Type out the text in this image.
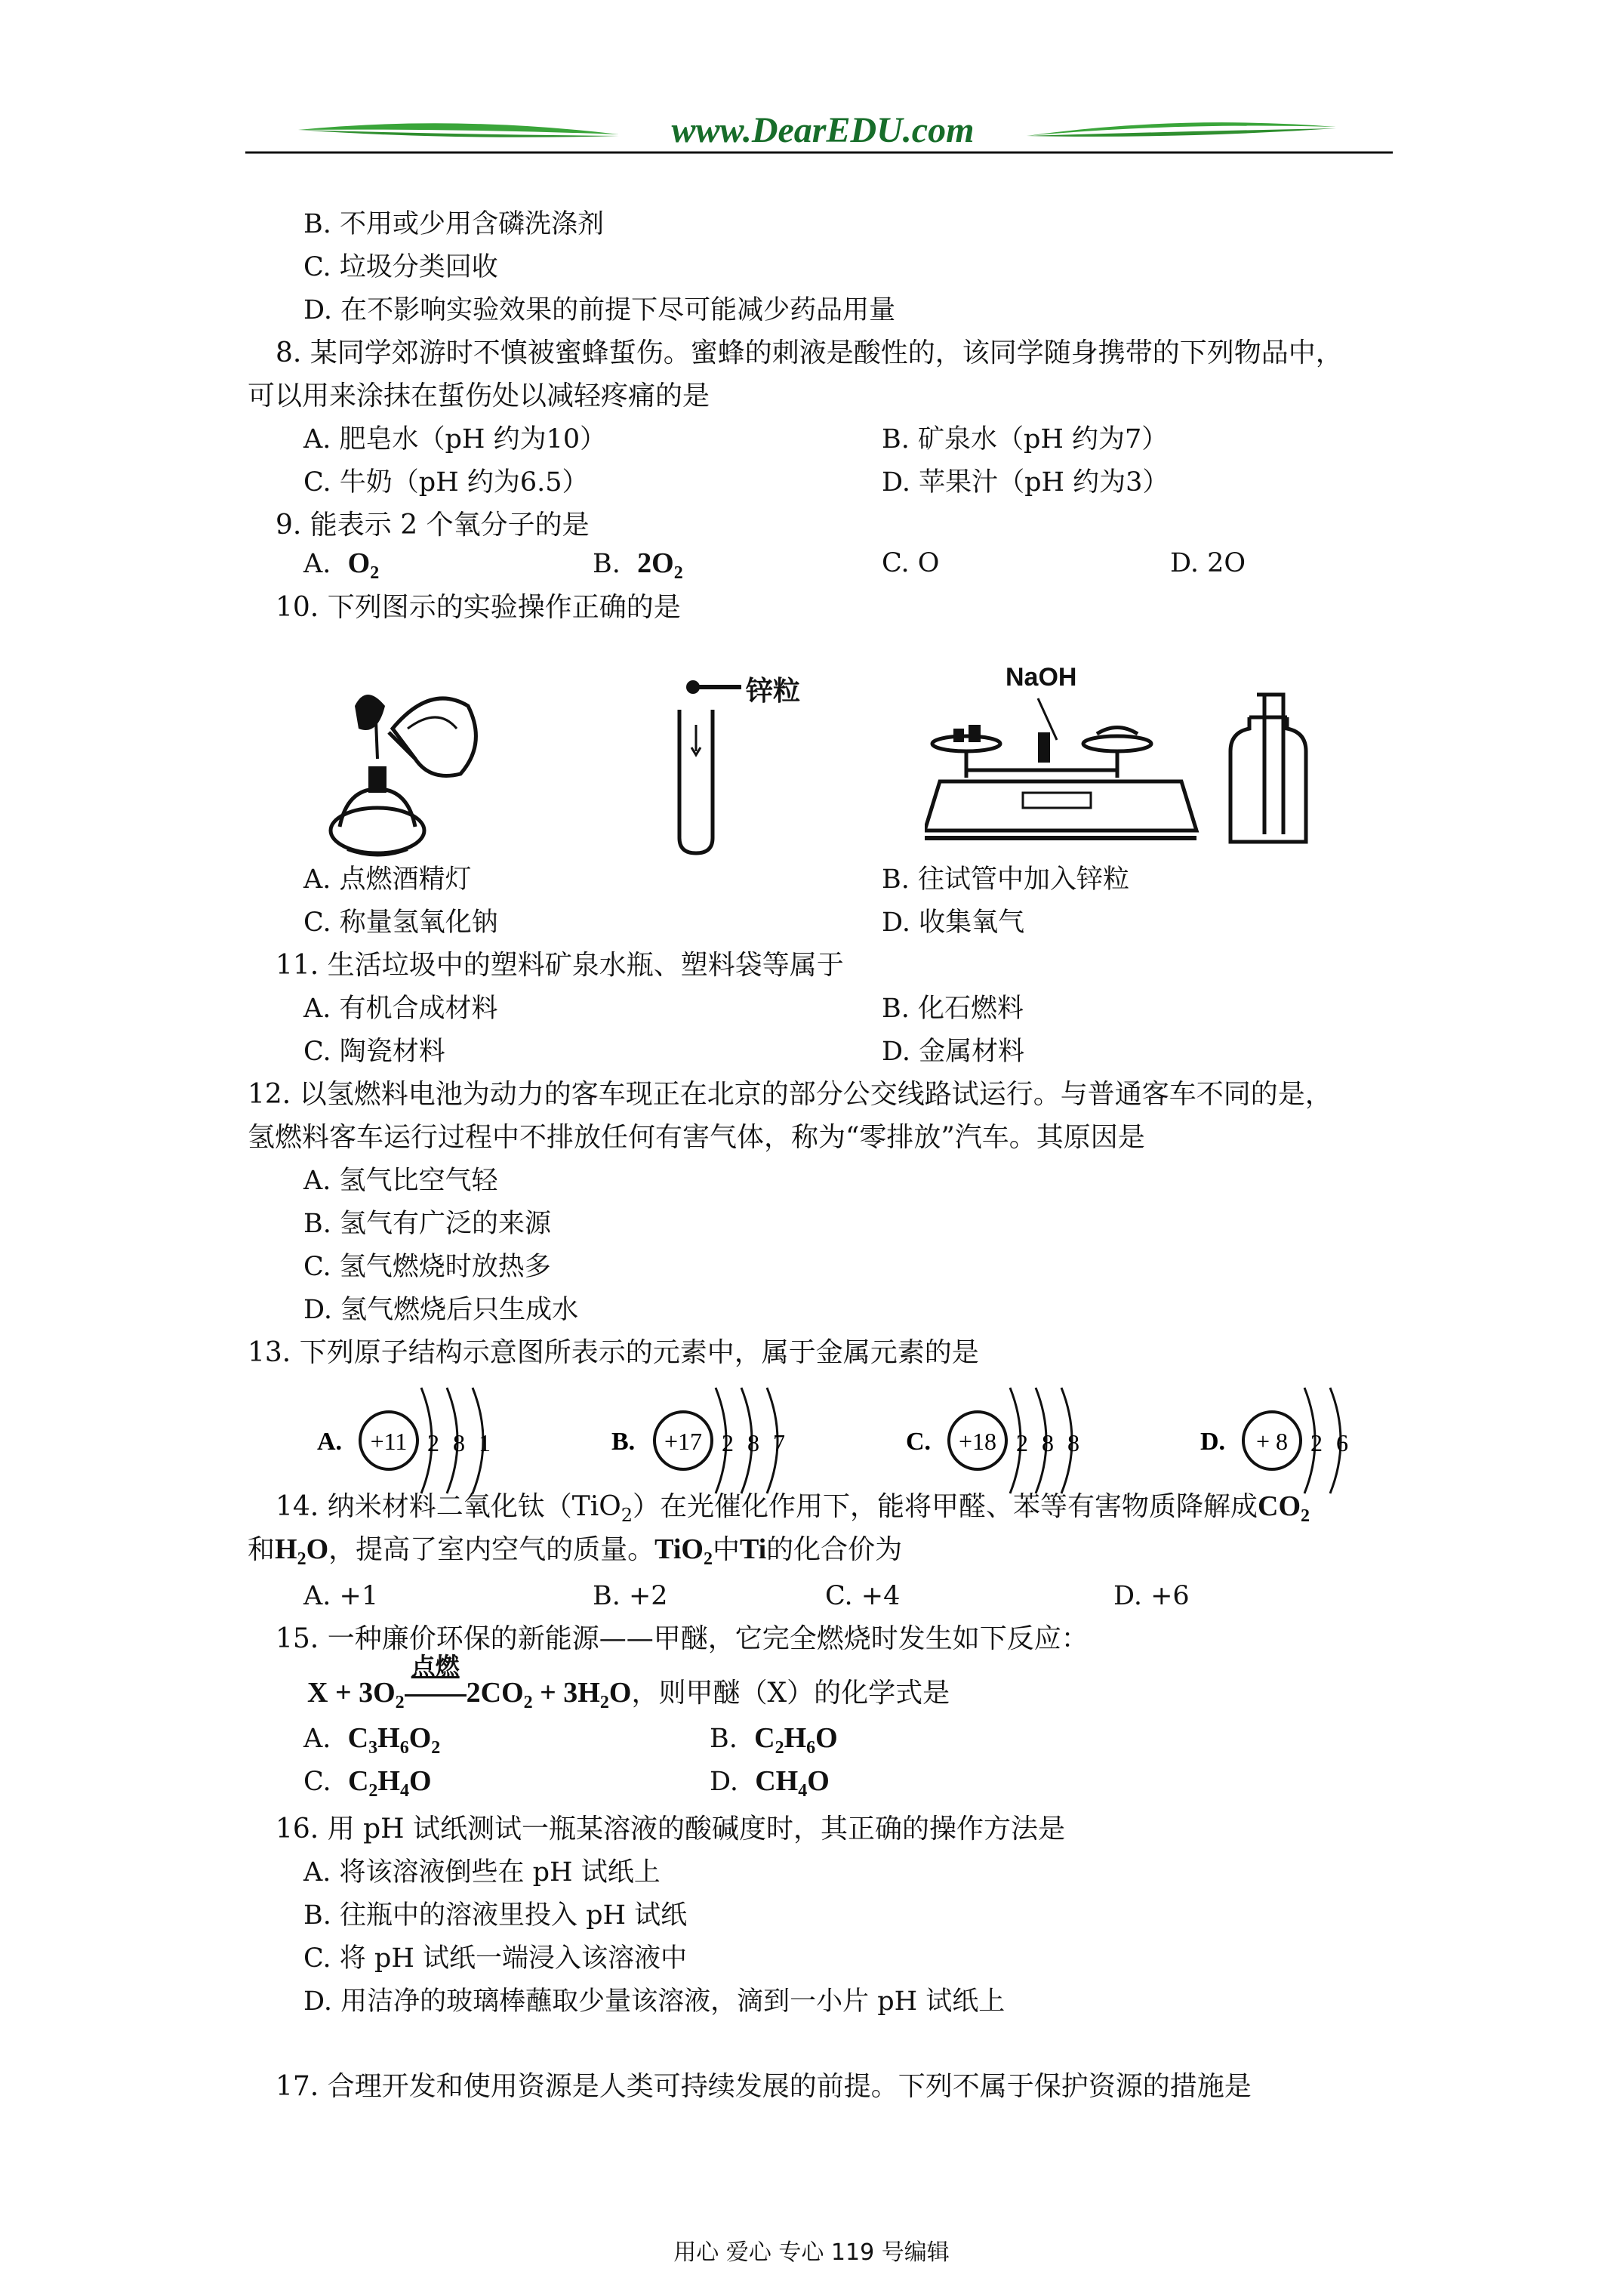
www.DearEDU.com
B. 不用或少用含磷洗涤剂
C. 垃圾分类回收
D. 在不影响实验效果的前提下尽可能减少药品用量
8. 某同学郊游时不慎被蜜蜂蜇伤。蜜蜂的刺液是酸性的，该同学随身携带的下列物品中，
可以用来涂抹在蜇伤处以减轻疼痛的是
A. 肥皂水（pH 约为10）	B. 矿泉水（pH 约为7）
C. 牛奶（pH 约为6.5）	D. 苹果汁（pH 约为3）
9. 能表示 2 个氧分子的是
A. $O_2$	B. $2O_2$	C. O	D. 2O
10. 下列图示的实验操作正确的是
锌粒	NaOH
A. 点燃酒精灯	B. 往试管中加入锌粒
C. 称量氢氧化钠	D. 收集氧气
11. 生活垃圾中的塑料矿泉水瓶、塑料袋等属于
A. 有机合成材料	B. 化石燃料
C. 陶瓷材料	D. 金属材料
12. 以氢燃料电池为动力的客车现正在北京的部分公交线路试运行。与普通客车不同的是，
氢燃料客车运行过程中不排放任何有害气体，称为“零排放”汽车。其原因是
A. 氢气比空气轻
B. 氢气有广泛的来源
C. 氢气燃烧时放热多
D. 氢气燃烧后只生成水
13. 下列原子结构示意图所表示的元素中，属于金属元素的是
A. +11 2 8 1	B. +17 2 8 7	C. +18 2 8 8	D. + 8 2 6
14. 纳米材料二氧化钛（TiO$_2$）在光催化作用下，能将甲醛、苯等有害物质降解成$CO_2$
和$H_2O$，提高了室内空气的质量。TiO$_2$中Ti的化合价为
A. +1	B. +2	C. +4	D. +6
15. 一种廉价环保的新能源——甲醚，它完全燃烧时发生如下反应：
$X + 3O_2$
点燃
$2CO_2 + 3H_2O$，则甲醚（X）的化学式是
A. $C_3H_6O_2$	B. $C_2H_6O$
C. $C_2H_4O$	D. $CH_4O$
16. 用 pH 试纸测试一瓶某溶液的酸碱度时，其正确的操作方法是
A. 将该溶液倒些在 pH 试纸上
B. 往瓶中的溶液里投入 pH 试纸
C. 将 pH 试纸一端浸入该溶液中
D. 用洁净的玻璃棒蘸取少量该溶液，滴到一小片 pH 试纸上
17. 合理开发和使用资源是人类可持续发展的前提。下列不属于保护资源的措施是
用心 爱心 专心 119 号编辑
